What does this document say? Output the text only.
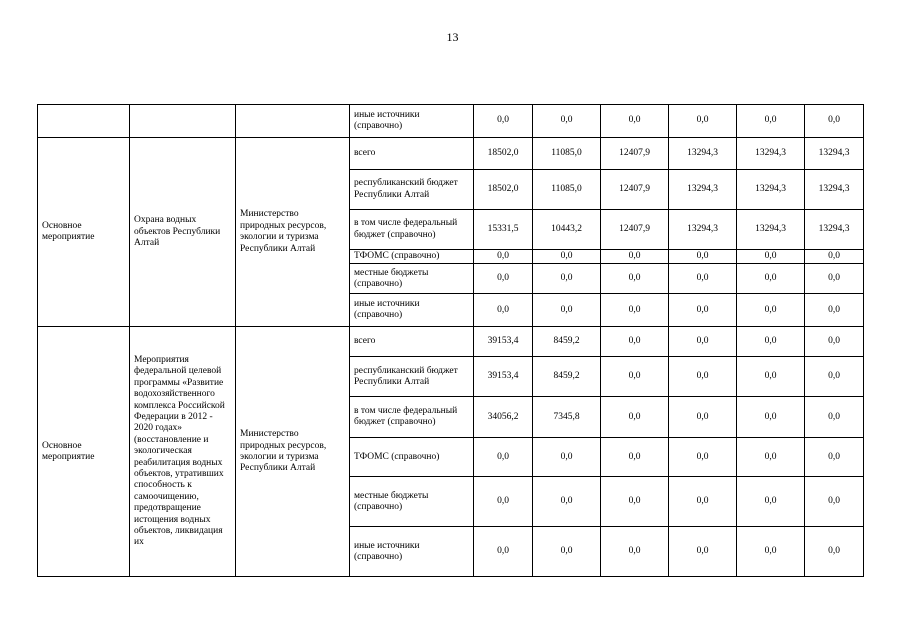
13
			иные источники (справочно)	0,0	0,0	0,0	0,0	0,0	0,0
Основное мероприятие	Охрана водных объектов Республики Алтай	Министерство природных ресурсов, экологии и туризма Республики Алтай	всего	18502,0	11085,0	12407,9	13294,3	13294,3	13294,3
			республиканский бюджет Республики Алтай	18502,0	11085,0	12407,9	13294,3	13294,3	13294,3
			в том числе федеральный бюджет (справочно)	15331,5	10443,2	12407,9	13294,3	13294,3	13294,3
			ТФОМС (справочно)	0,0	0,0	0,0	0,0	0,0	0,0
			местные бюджеты (справочно)	0,0	0,0	0,0	0,0	0,0	0,0
			иные источники (справочно)	0,0	0,0	0,0	0,0	0,0	0,0
Основное мероприятие	Мероприятия федеральной целевой программы «Развитие водохозяйственного комплекса Российской Федерации в 2012 - 2020 годах» (восстановление и экологическая реабилитация водных объектов, утративших способность к самоочищению, предотвращение истощения водных объектов, ликвидация их	Министерство природных ресурсов, экологии и туризма Республики Алтай	всего	39153,4	8459,2	0,0	0,0	0,0	0,0
			республиканский бюджет Республики Алтай	39153,4	8459,2	0,0	0,0	0,0	0,0
			в том числе федеральный бюджет (справочно)	34056,2	7345,8	0,0	0,0	0,0	0,0
			ТФОМС (справочно)	0,0	0,0	0,0	0,0	0,0	0,0
			местные бюджеты (справочно)	0,0	0,0	0,0	0,0	0,0	0,0
			иные источники (справочно)	0,0	0,0	0,0	0,0	0,0	0,0
